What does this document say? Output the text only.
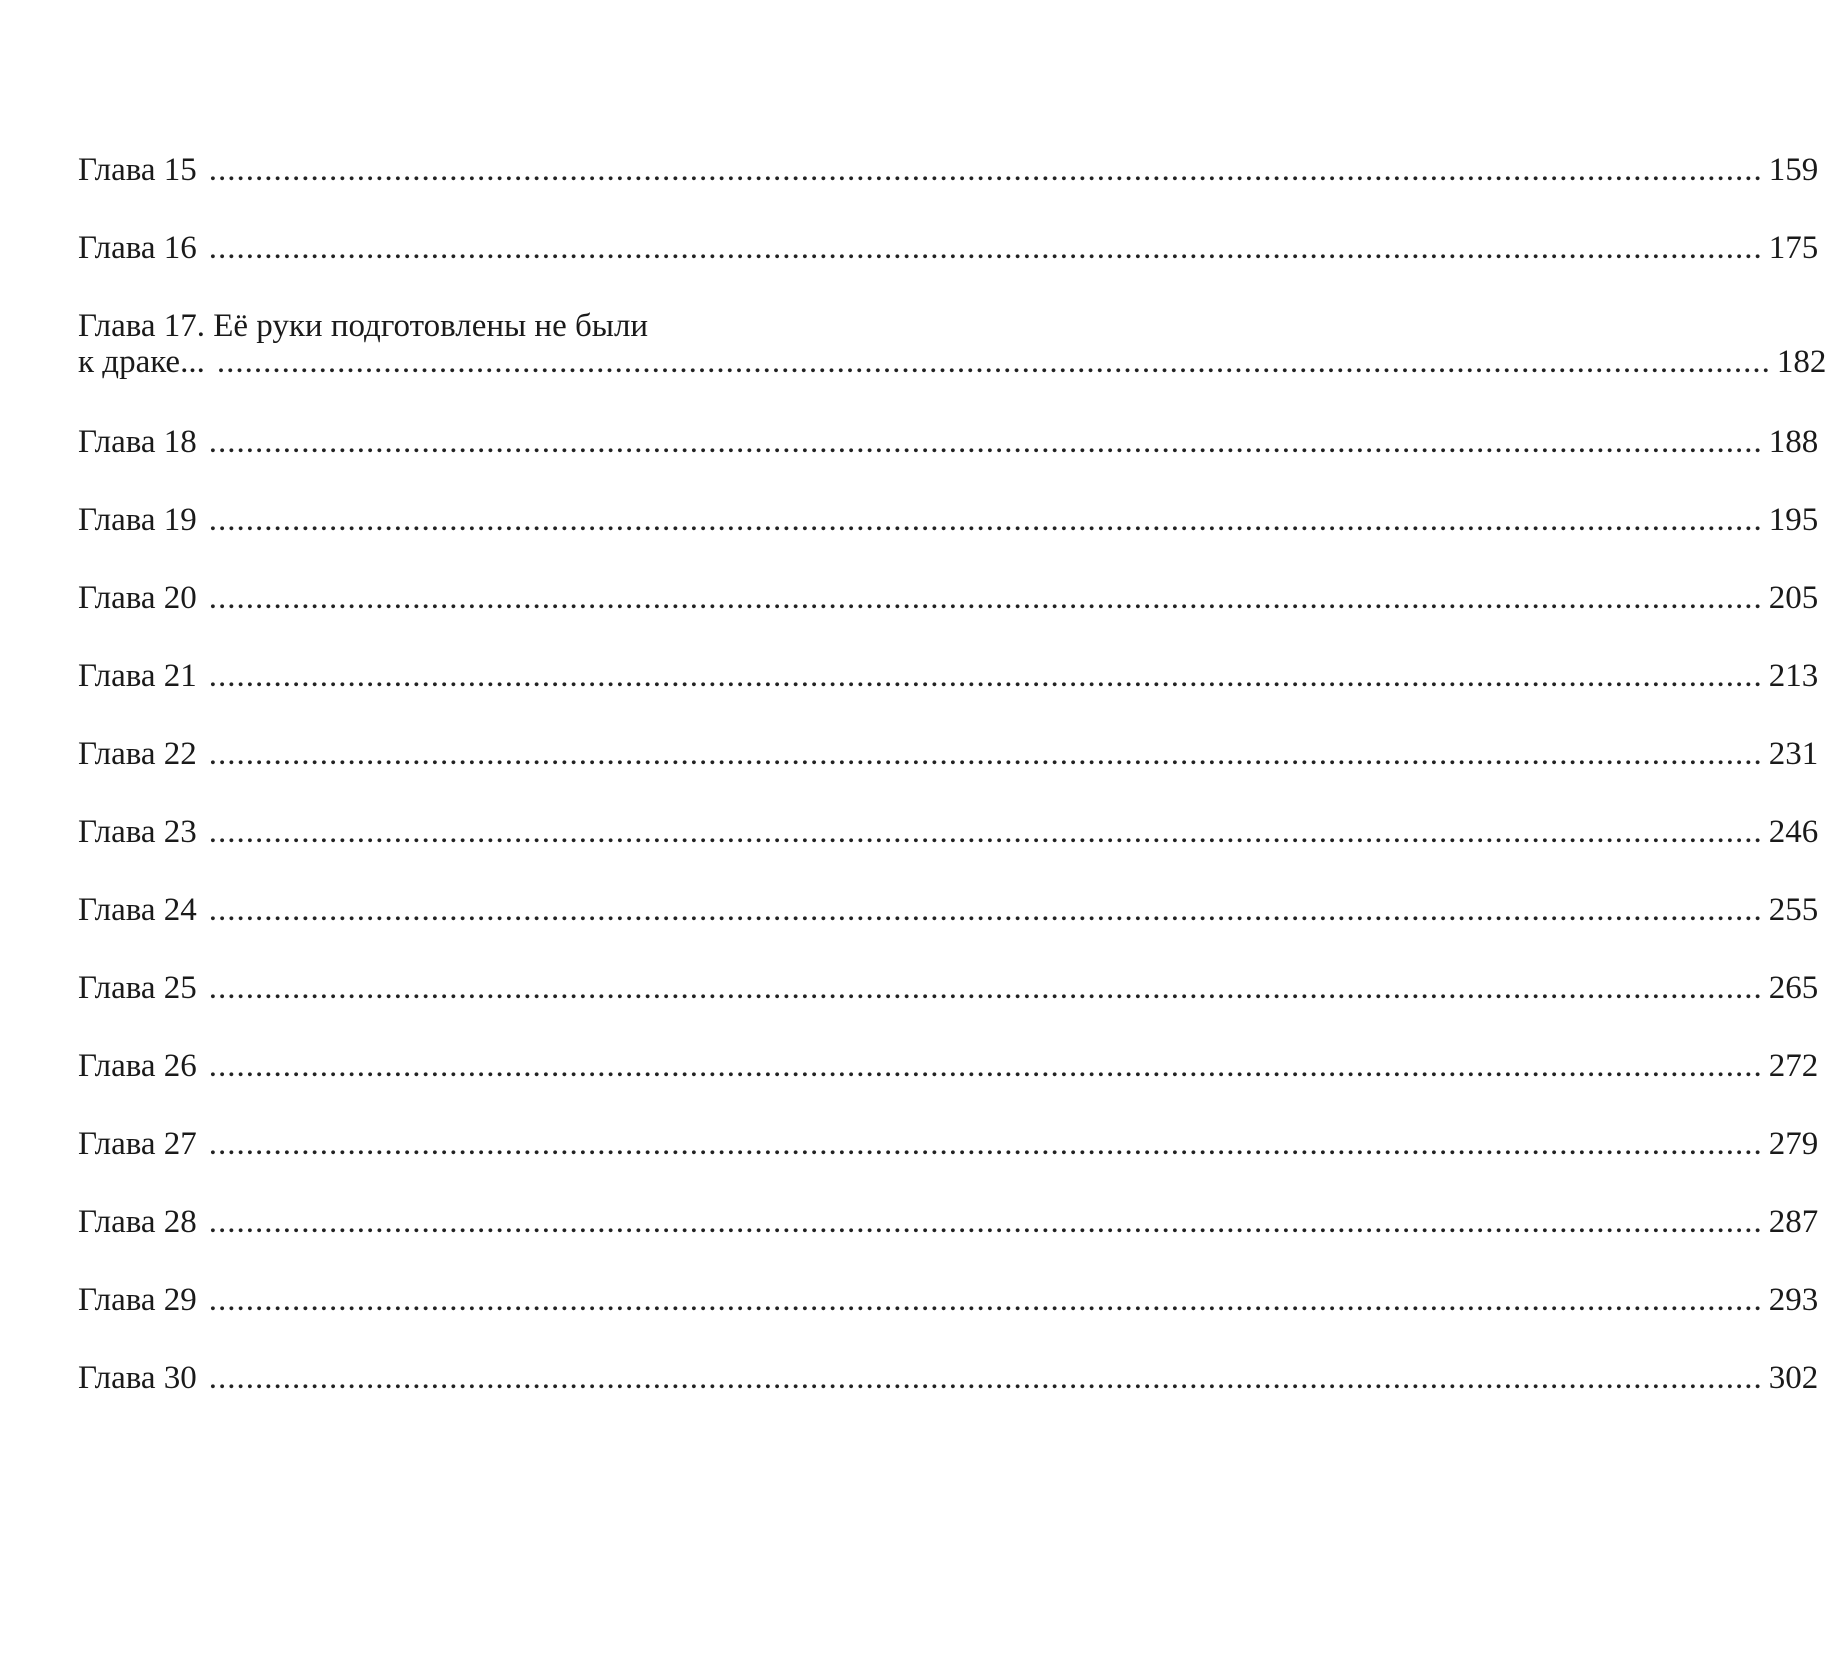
Глава 15 ........................................................................................................................................................................ 159
Глава 16 ........................................................................................................................................................................ 175
Глава 17. Её руки подготовлены не были
к драке... ........................................................................................................................................................................ 182
Глава 18 ........................................................................................................................................................................ 188
Глава 19 ........................................................................................................................................................................ 195
Глава 20 ........................................................................................................................................................................ 205
Глава 21 ........................................................................................................................................................................ 213
Глава 22 ........................................................................................................................................................................ 231
Глава 23 ........................................................................................................................................................................ 246
Глава 24 ........................................................................................................................................................................ 255
Глава 25 ........................................................................................................................................................................ 265
Глава 26 ........................................................................................................................................................................ 272
Глава 27 ........................................................................................................................................................................ 279
Глава 28 ........................................................................................................................................................................ 287
Глава 29 ........................................................................................................................................................................ 293
Глава 30 ........................................................................................................................................................................ 302
